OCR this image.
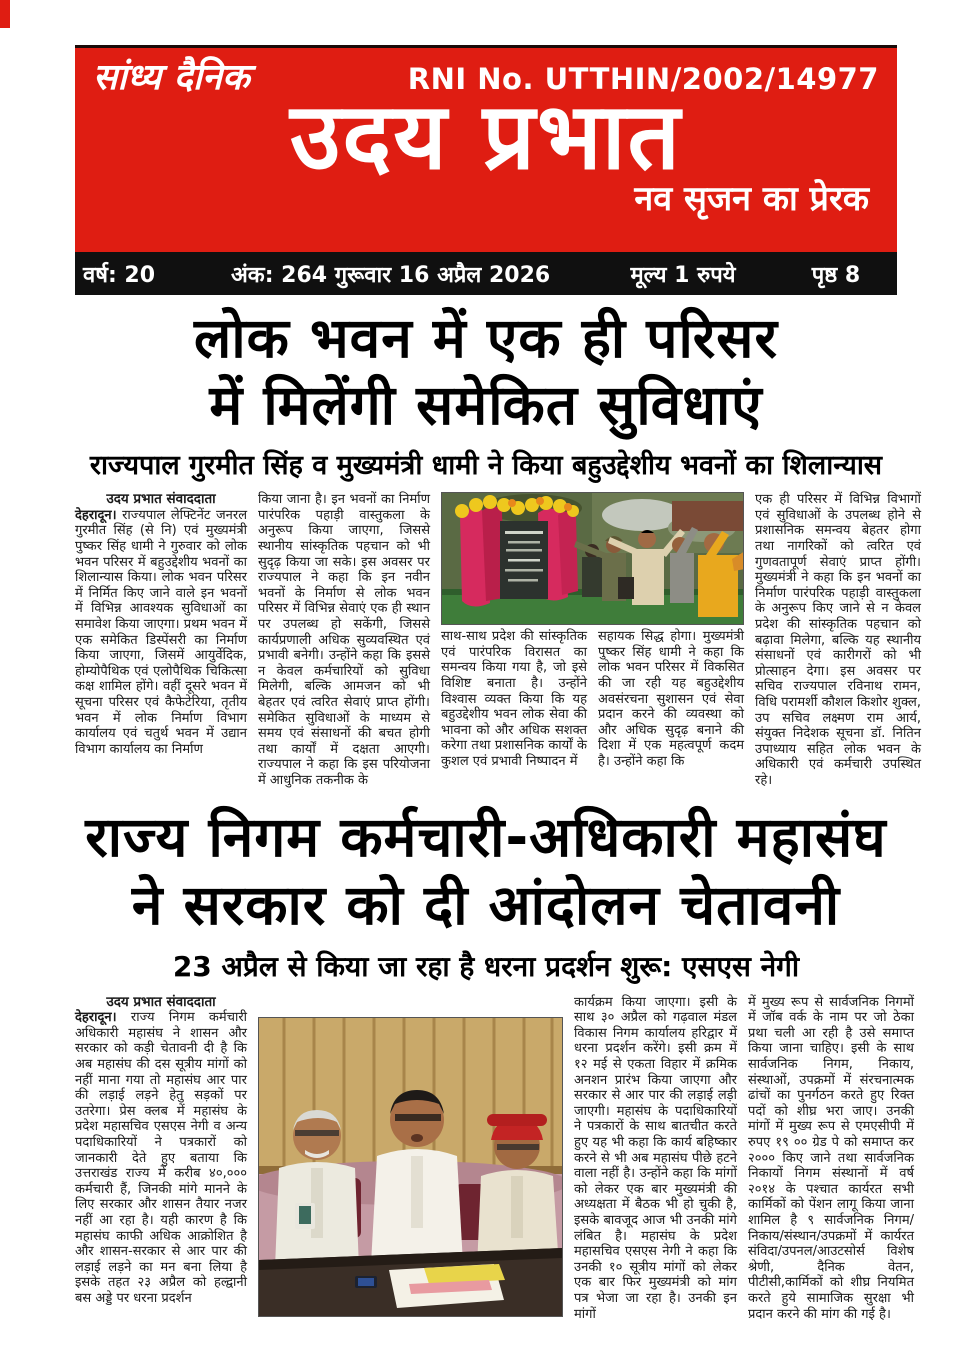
सांध्य दैनिक	RNI No. UTTHIN/2002/14977
उदय प्रभात
नव सृजन का प्रेरक
वर्ष: 20	अंक: 264 गुरूवार 16 अप्रैल 2026	मूल्य 1 रुपये	पृष्ठ 8
लोक भवन में एक ही परिसर
में मिलेंगी समेकित सुविधाएं
राज्यपाल गुरमीत सिंह व मुख्यमंत्री धामी ने किया बहुउद्देशीय भवनों का शिलान्यास

उदय प्रभात संवाददाता

देहरादून। राज्यपाल लेफ्टिनेंट जनरल गुरमीत सिंह (से नि) एवं मुख्यमंत्री पुष्कर सिंह धामी ने गुरुवार को लोक भवन परिसर में बहुउद्देशीय भवनों का शिलान्यास किया। लोक भवन परिसर में निर्मित किए जाने वाले इन भवनों में विभिन्न आवश्यक सुविधाओं का समावेश किया जाएगा। प्रथम भवन में एक समेकित डिस्पेंसरी का निर्माण किया जाएगा, जिसमें आयुर्वेदिक, होम्योपैथिक एवं एलोपैथिक चिकित्सा कक्ष शामिल होंगे। वहीं दूसरे भवन में सूचना परिसर एवं कैफेटेरिया, तृतीय भवन में लोक निर्माण विभाग कार्यालय एवं चतुर्थ भवन में उद्यान विभाग कार्यालय का निर्माण

किया जाना है। इन भवनों का निर्माण पारंपरिक पहाड़ी वास्तुकला के अनुरूप किया जाएगा, जिससे स्थानीय सांस्कृतिक पहचान को भी सुदृढ़ किया जा सके। इस अवसर पर राज्यपाल ने कहा कि इन नवीन भवनों के निर्माण से लोक भवन परिसर में विभिन्न सेवाएं एक ही स्थान पर उपलब्ध हो सकेंगी, जिससे कार्यप्रणाली अधिक सुव्यवस्थित एवं प्रभावी बनेगी। उन्होंने कहा कि इससे न केवल कर्मचारियों को सुविधा मिलेगी, बल्कि आमजन को भी बेहतर एवं त्वरित सेवाएं प्राप्त होंगी। समेकित सुविधाओं के माध्यम से समय एवं संसाधनों की बचत होगी तथा कार्यों में दक्षता आएगी। राज्यपाल ने कहा कि इस परियोजना में आधुनिक तकनीक के

साथ-साथ प्रदेश की सांस्कृतिक एवं पारंपरिक विरासत का समन्वय किया गया है, जो इसे विशिष्ट बनाता है। उन्होंने विश्वास व्यक्त किया कि यह बहुउद्देशीय भवन लोक सेवा की भावना को और अधिक सशक्त करेगा तथा प्रशासनिक कार्यों के कुशल एवं प्रभावी निष्पादन में

सहायक सिद्ध होगा। मुख्यमंत्री पुष्कर सिंह धामी ने कहा कि लोक भवन परिसर में विकसित की जा रही यह बहुउद्देशीय अवसंरचना सुशासन एवं सेवा प्रदान करने की व्यवस्था को और अधिक सुदृढ़ बनाने की दिशा में एक महत्वपूर्ण कदम है। उन्होंने कहा कि

एक ही परिसर में विभिन्न विभागों एवं सुविधाओं के उपलब्ध होने से प्रशासनिक समन्वय बेहतर होगा तथा नागरिकों को त्वरित एवं गुणवतापूर्ण सेवाएं प्राप्त होंगी। मुख्यमंत्री ने कहा कि इन भवनों का निर्माण पारंपरिक पहाड़ी वास्तुकला के अनुरूप किए जाने से न केवल प्रदेश की सांस्कृतिक पहचान को बढ़ावा मिलेगा, बल्कि यह स्थानीय संसाधनों एवं कारीगरों को भी प्रोत्साहन देगा। इस अवसर पर सचिव राज्यपाल रविनाथ रामन, विधि परामर्शी कौशल किशोर शुक्ल, उप सचिव लक्ष्मण राम आर्य, संयुक्त निदेशक सूचना डॉ. नितिन उपाध्याय सहित लोक भवन के अधिकारी एवं कर्मचारी उपस्थित रहे।

राज्य निगम कर्मचारी-अधिकारी महासंघ
ने सरकार को दी आंदोलन चेतावनी
23 अप्रैल से किया जा रहा है धरना प्रदर्शन शुरू: एसएस नेगी

उदय प्रभात संवाददाता

देहरादून। राज्य निगम कर्मचारी अधिकारी महासंघ ने शासन और सरकार को कड़ी चेतावनी दी है कि अब महासंघ की दस सूत्रीय मांगों को नहीं माना गया तो महासंघ आर पार की लड़ाई लड़ने हेतु सड़कों पर उतरेगा। प्रेस क्लब में महासंघ के प्रदेश महासचिव एसएस नेगी व अन्य पदाधिकारियों ने पत्रकारों को जानकारी देते हुए बताया कि उत्तराखंड राज्य में करीब ४०,००० कर्मचारी हैं, जिनकी मांगे मानने के लिए सरकार और शासन तैयार नजर नहीं आ रहा है। यही कारण है कि महासंघ काफी अधिक आक्रोशित है और शासन-सरकार से आर पार की लड़ाई लड़ने का मन बना लिया है इसके तहत २३ अप्रैल को हल्द्वानी बस अड्डे पर धरना प्रदर्शन

कार्यक्रम किया जाएगा। इसी के साथ ३० अप्रैल को गढ़वाल मंडल विकास निगम कार्यालय हरिद्वार में धरना प्रदर्शन करेंगे। इसी क्रम में १२ मई से एकता विहार में क्रमिक अनशन प्रारंभ किया जाएगा और सरकार से आर पार की लड़ाई लड़ी जाएगी। महासंघ के पदाधिकारियों ने पत्रकारों के साथ बातचीत करते हुए यह भी कहा कि कार्य बहिष्कार करने से भी अब महासंघ पीछे हटने वाला नहीं है। उन्होंने कहा कि मांगों को लेकर एक बार मुख्यमंत्री की अध्यक्षता में बैठक भी हो चुकी है, इसके बावजूद आज भी उनकी मांगे लंबित है। महासंघ के प्रदेश महासचिव एसएस नेगी ने कहा कि उनकी १० सूत्रीय मांगों को लेकर एक बार फिर मुख्यमंत्री को मांग पत्र भेजा जा रहा है। उनकी इन मांगों

में मुख्य रूप से सार्वजनिक निगमों में जॉब वर्क के नाम पर जो ठेका प्रथा चली आ रही है उसे समाप्त किया जाना चाहिए। इसी के साथ सार्वजनिक निगम, निकाय, संस्थाओं, उपक्रमों में संरचनात्मक ढांचों का पुनर्गठन करते हुए रिक्त पदों को शीघ्र भरा जाए। उनकी मांगों में मुख्य रूप से एमएसीपी में रुपए १९ ०० ग्रेड पे को समाप्त कर २००० किए जाने तथा सार्वजनिक निकायों निगम संस्थानों में वर्ष २०१४ के पश्चात कार्यरत सभी कार्मिकों को पेंशन लागू किया जाना शामिल है ९ सार्वजनिक निगम/निकाय/संस्थान/उपक्रमों में कार्यरत संविदा/उपनल/आउटसोर्स विशेष श्रेणी, दैनिक वेतन, पीटीसी,कार्मिकों को शीघ्र नियमित करते हुये सामाजिक सुरक्षा भी प्रदान करने की मांग की गई है।
